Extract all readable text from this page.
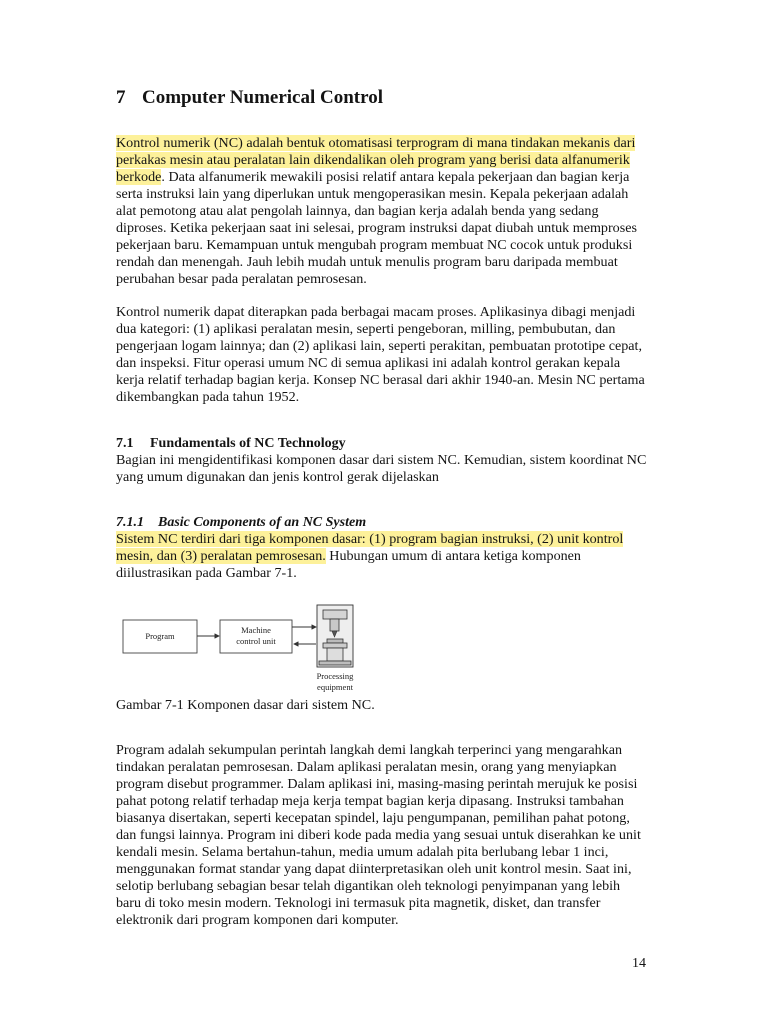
7 Computer Numerical Control

Kontrol numerik (NC) adalah bentuk otomatisasi terprogram di mana tindakan mekanis dari
perkakas mesin atau peralatan lain dikendalikan oleh program yang berisi data alfanumerik
berkode. Data alfanumerik mewakili posisi relatif antara kepala pekerjaan dan bagian kerja
serta instruksi lain yang diperlukan untuk mengoperasikan mesin. Kepala pekerjaan adalah
alat pemotong atau alat pengolah lainnya, dan bagian kerja adalah benda yang sedang
diproses. Ketika pekerjaan saat ini selesai, program instruksi dapat diubah untuk memproses
pekerjaan baru. Kemampuan untuk mengubah program membuat NC cocok untuk produksi
rendah dan menengah. Jauh lebih mudah untuk menulis program baru daripada membuat
perubahan besar pada peralatan pemrosesan.

Kontrol numerik dapat diterapkan pada berbagai macam proses. Aplikasinya dibagi menjadi
dua kategori: (1) aplikasi peralatan mesin, seperti pengeboran, milling, pembubutan, dan
pengerjaan logam lainnya; dan (2) aplikasi lain, seperti perakitan, pembuatan prototipe cepat,
dan inspeksi. Fitur operasi umum NC di semua aplikasi ini adalah kontrol gerakan kepala
kerja relatif terhadap bagian kerja. Konsep NC berasal dari akhir 1940-an. Mesin NC pertama
dikembangkan pada tahun 1952.

7.1 Fundamentals of NC Technology

Bagian ini mengidentifikasi komponen dasar dari sistem NC. Kemudian, sistem koordinat NC
yang umum digunakan dan jenis kontrol gerak dijelaskan

7.1.1 Basic Components of an NC System

Sistem NC terdiri dari tiga komponen dasar: (1) program bagian instruksi, (2) unit kontrol
mesin, dan (3) peralatan pemrosesan. Hubungan umum di antara ketiga komponen
diilustrasikan pada Gambar 7-1.

Program
Machine
control unit
Processing
equipment

Gambar 7-1 Komponen dasar dari sistem NC.

Program adalah sekumpulan perintah langkah demi langkah terperinci yang mengarahkan
tindakan peralatan pemrosesan. Dalam aplikasi peralatan mesin, orang yang menyiapkan
program disebut programmer. Dalam aplikasi ini, masing-masing perintah merujuk ke posisi
pahat potong relatif terhadap meja kerja tempat bagian kerja dipasang. Instruksi tambahan
biasanya disertakan, seperti kecepatan spindel, laju pengumpanan, pemilihan pahat potong,
dan fungsi lainnya. Program ini diberi kode pada media yang sesuai untuk diserahkan ke unit
kendali mesin. Selama bertahun-tahun, media umum adalah pita berlubang lebar 1 inci,
menggunakan format standar yang dapat diinterpretasikan oleh unit kontrol mesin. Saat ini,
selotip berlubang sebagian besar telah digantikan oleh teknologi penyimpanan yang lebih
baru di toko mesin modern. Teknologi ini termasuk pita magnetik, disket, dan transfer
elektronik dari program komponen dari komputer.

14
